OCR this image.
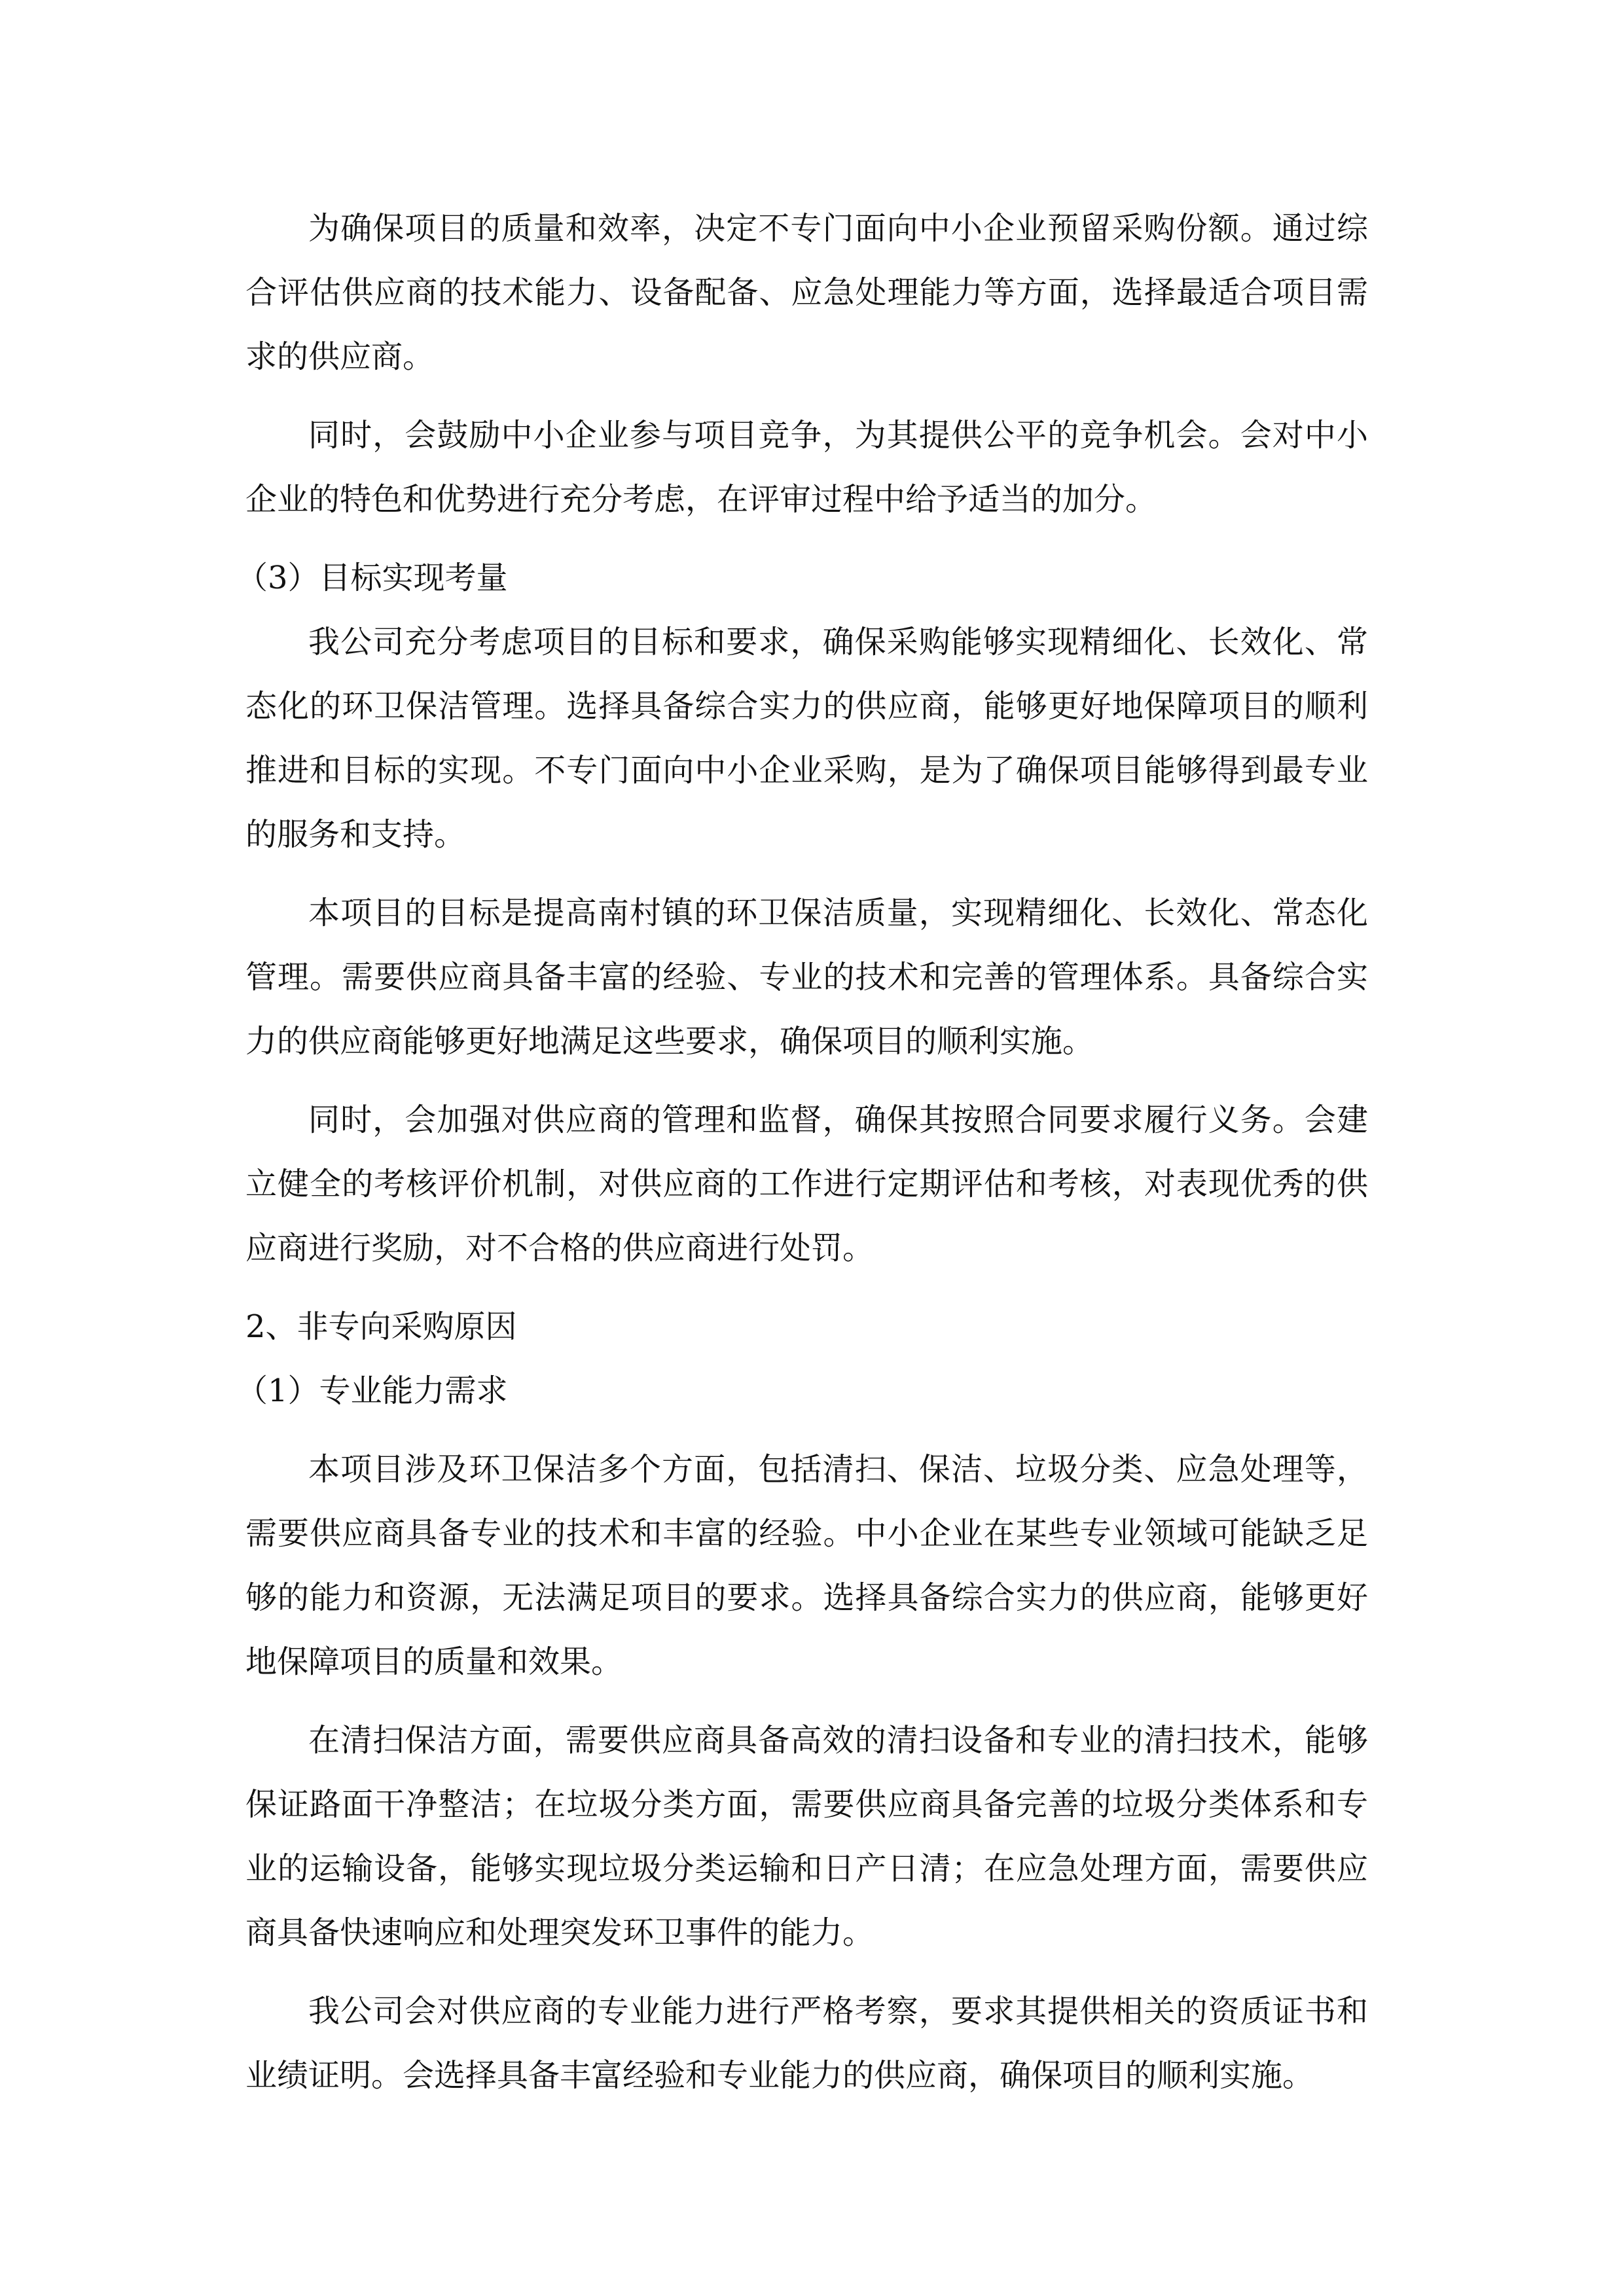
为确保项目的质量和效率，决定不专门面向中小企业预留采购份额。通过综合评估供应商的技术能力、设备配备、应急处理能力等方面，选择最适合项目需求的供应商。

同时，会鼓励中小企业参与项目竞争，为其提供公平的竞争机会。会对中小企业的特色和优势进行充分考虑，在评审过程中给予适当的加分。

（3）目标实现考量

我公司充分考虑项目的目标和要求，确保采购能够实现精细化、长效化、常态化的环卫保洁管理。选择具备综合实力的供应商，能够更好地保障项目的顺利推进和目标的实现。不专门面向中小企业采购，是为了确保项目能够得到最专业的服务和支持。

本项目的目标是提高南村镇的环卫保洁质量，实现精细化、长效化、常态化管理。需要供应商具备丰富的经验、专业的技术和完善的管理体系。具备综合实力的供应商能够更好地满足这些要求，确保项目的顺利实施。

同时，会加强对供应商的管理和监督，确保其按照合同要求履行义务。会建立健全的考核评价机制，对供应商的工作进行定期评估和考核，对表现优秀的供应商进行奖励，对不合格的供应商进行处罚。

2、非专向采购原因

（1）专业能力需求

本项目涉及环卫保洁多个方面，包括清扫、保洁、垃圾分类、应急处理等，需要供应商具备专业的技术和丰富的经验。中小企业在某些专业领域可能缺乏足够的能力和资源，无法满足项目的要求。选择具备综合实力的供应商，能够更好地保障项目的质量和效果。

在清扫保洁方面，需要供应商具备高效的清扫设备和专业的清扫技术，能够保证路面干净整洁；在垃圾分类方面，需要供应商具备完善的垃圾分类体系和专业的运输设备，能够实现垃圾分类运输和日产日清；在应急处理方面，需要供应商具备快速响应和处理突发环卫事件的能力。

我公司会对供应商的专业能力进行严格考察，要求其提供相关的资质证书和业绩证明。会选择具备丰富经验和专业能力的供应商，确保项目的顺利实施。
